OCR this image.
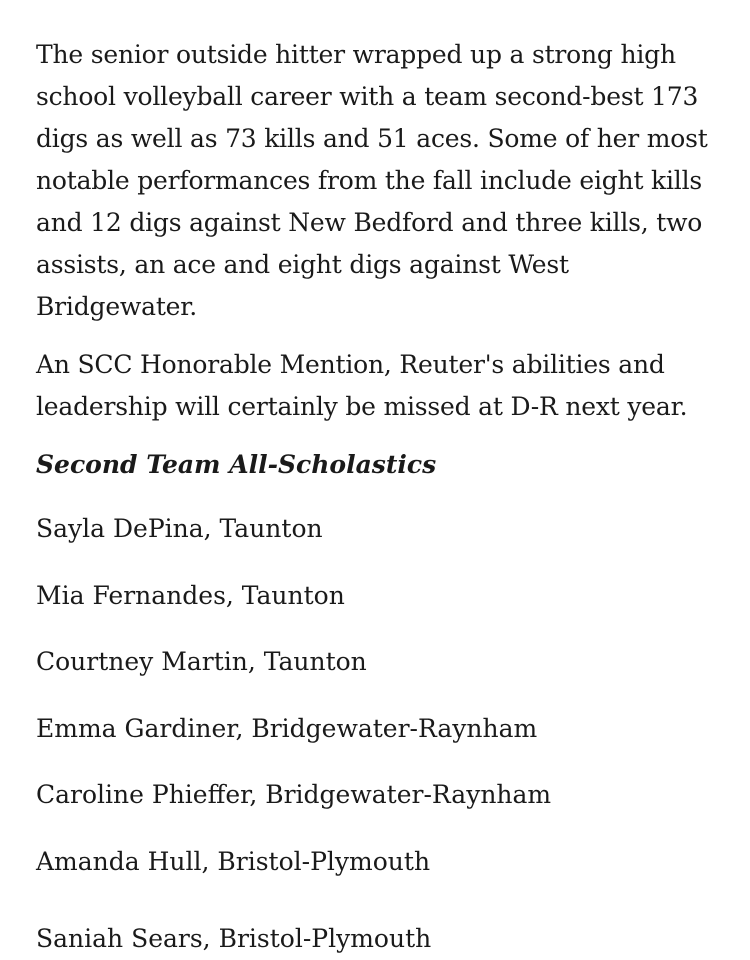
The senior outside hitter wrapped up a strong high school volleyball career with a team second-best 173 digs as well as 73 kills and 51 aces. Some of her most notable performances from the fall include eight kills and 12 digs against New Bedford and three kills, two assists, an ace and eight digs against West Bridgewater.

An SCC Honorable Mention, Reuter's abilities and leadership will certainly be missed at D-R next year.

Second Team All-Scholastics
Sayla DePina, Taunton
Mia Fernandes, Taunton
Courtney Martin, Taunton
Emma Gardiner, Bridgewater-Raynham
Caroline Phieffer, Bridgewater-Raynham
Amanda Hull, Bristol-Plymouth
Saniah Sears, Bristol-Plymouth
